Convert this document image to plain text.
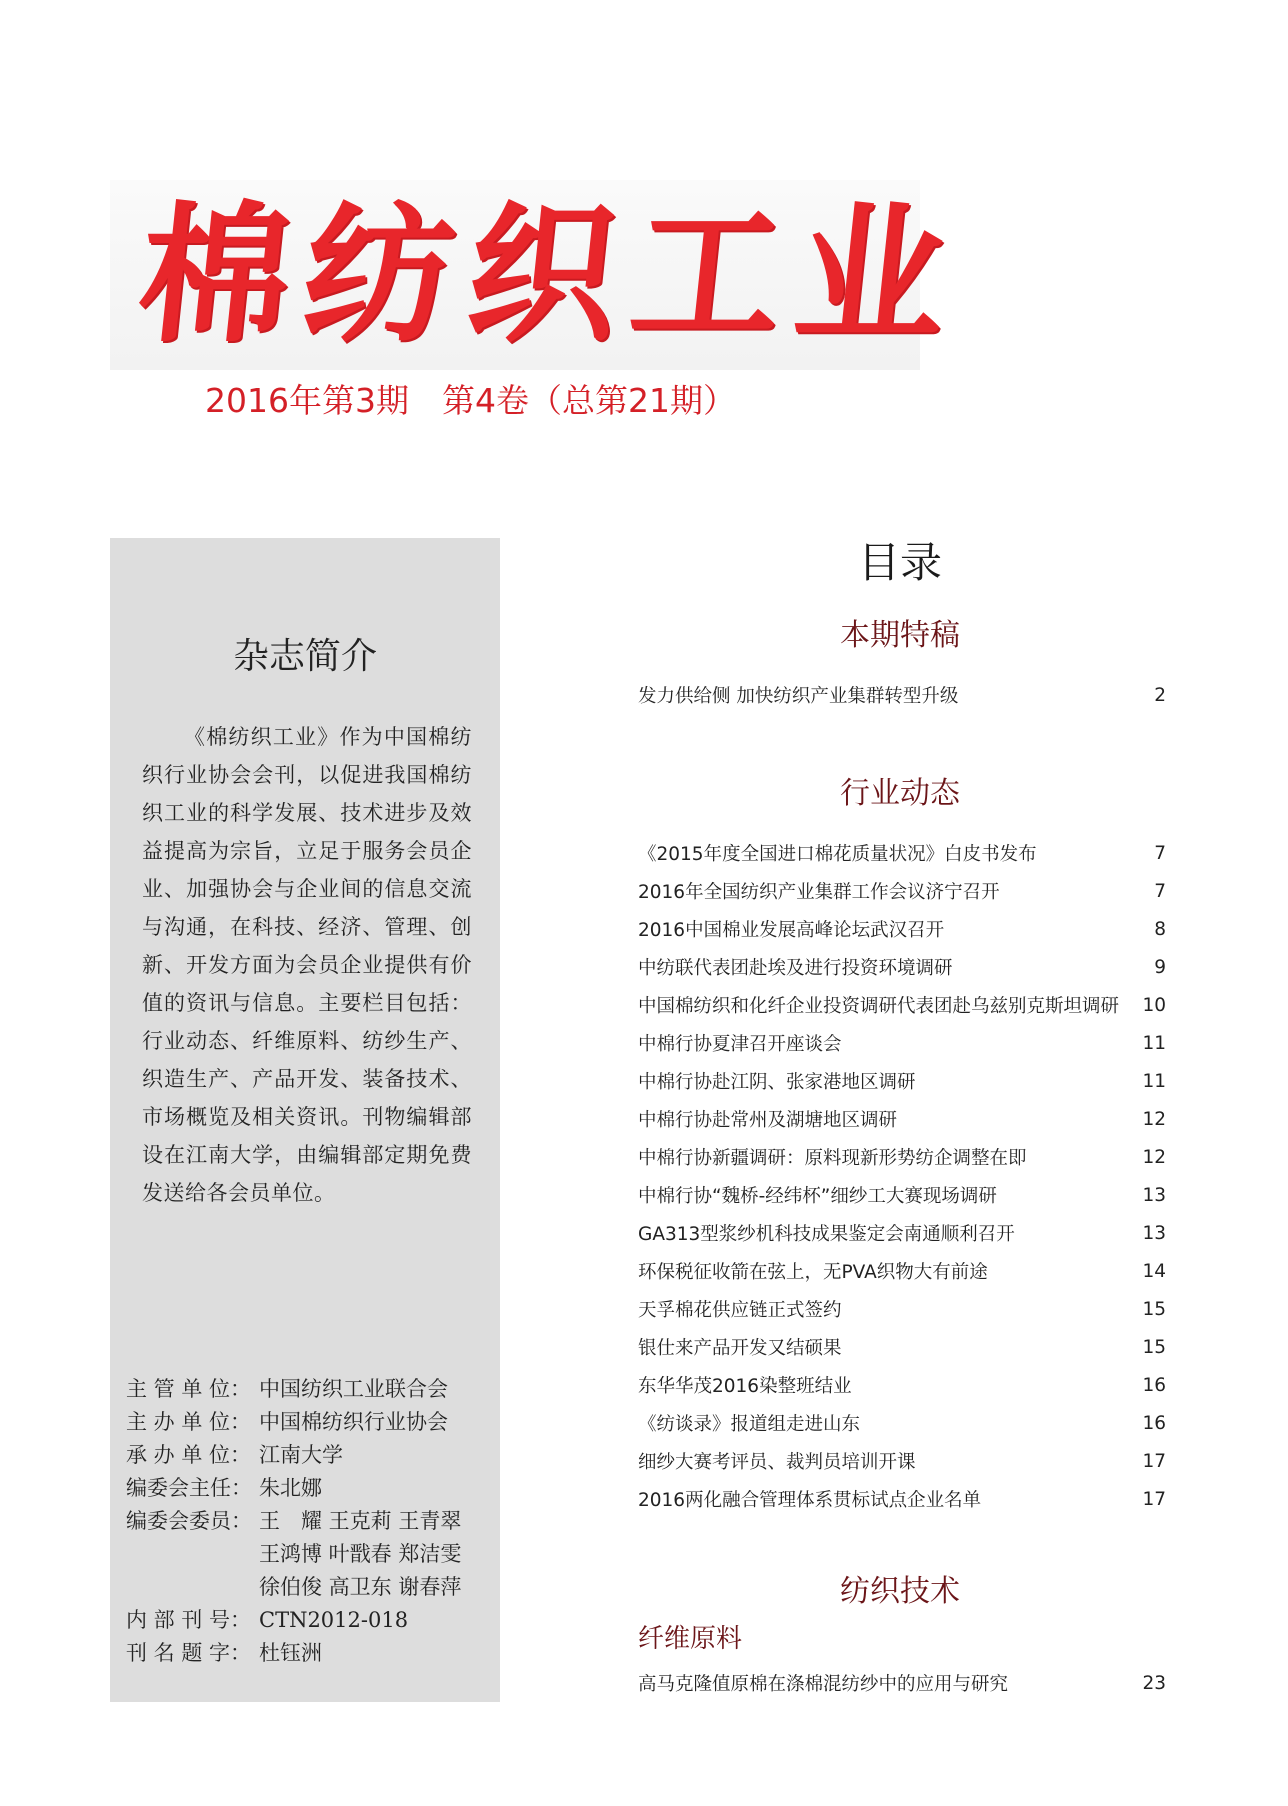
棉纺织工业
2016年第3期　第4卷（总第21期）
杂志简介
《棉纺织工业》作为中国棉纺织行业协会会刊，以促进我国棉纺织工业的科学发展、技术进步及效益提高为宗旨，立足于服务会员企业、加强协会与企业间的信息交流与沟通，在科技、经济、管理、创新、开发方面为会员企业提供有价值的资讯与信息。主要栏目包括：行业动态、纤维原料、纺纱生产、织造生产、产品开发、装备技术、市场概览及相关资讯。刊物编辑部设在江南大学，由编辑部定期免费发送给各会员单位。
主 管 单 位： 中国纺织工业联合会
主 办 单 位： 中国棉纺织行业协会
承 办 单 位： 江南大学
编委会主任： 朱北娜
编委会委员： 王　耀 王克莉 王青翠
王鸿博 叶戬春 郑洁雯
徐伯俊 高卫东 谢春萍
内 部 刊 号： CTN2012-018
刊 名 题 字： 杜钰洲
目录
本期特稿
发力供给侧 加快纺织产业集群转型升级	2
行业动态
《2015年度全国进口棉花质量状况》白皮书发布	7
2016年全国纺织产业集群工作会议济宁召开	7
2016中国棉业发展高峰论坛武汉召开	8
中纺联代表团赴埃及进行投资环境调研	9
中国棉纺织和化纤企业投资调研代表团赴乌兹别克斯坦调研 10
中棉行协夏津召开座谈会	11
中棉行协赴江阴、张家港地区调研	11
中棉行协赴常州及湖塘地区调研	12
中棉行协新疆调研：原料现新形势纺企调整在即	12
中棉行协“魏桥-经纬杯”细纱工大赛现场调研	13
GA313型浆纱机科技成果鉴定会南通顺利召开	13
环保税征收箭在弦上，无PVA织物大有前途	14
天孚棉花供应链正式签约	15
银仕来产品开发又结硕果	15
东华华茂2016染整班结业	16
《纺谈录》报道组走进山东	16
细纱大赛考评员、裁判员培训开课	17
2016两化融合管理体系贯标试点企业名单	17
纺织技术
纤维原料
高马克隆值原棉在涤棉混纺纱中的应用与研究	23
